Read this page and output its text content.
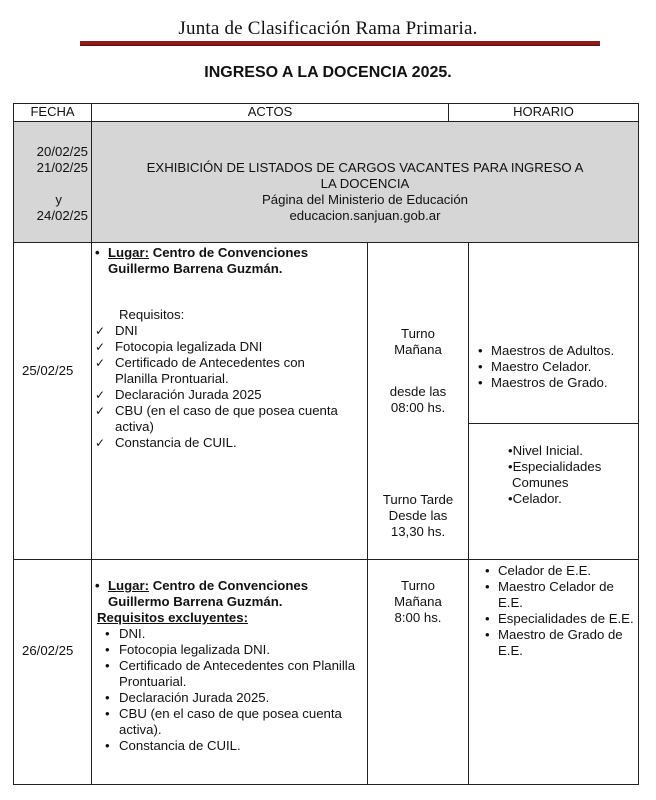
Junta de Clasificación Rama Primaria.
INGRESO A LA DOCENCIA 2025.
FECHA	ACTOS	HORARIO
20/02/25
21/02/25
y
24/02/25
EXHIBICIÓN DE LISTADOS DE CARGOS VACANTES PARA INGRESO A
LA DOCENCIA
Página del Ministerio de Educación
educacion.sanjuan.gob.ar
25/02/25
• Lugar: Centro de Convenciones
Guillermo Barrena Guzmán.
Requisitos:
✓ DNI
✓ Fotocopia legalizada DNI
✓ Certificado de Antecedentes con Planilla Prontuarial.
✓ Declaración Jurada 2025
✓ CBU (en el caso de que posea cuenta activa)
✓ Constancia de CUIL.
Turno
Mañana
desde las
08:00 hs.
• Maestros de Adultos.
• Maestro Celador.
• Maestros de Grado.
Turno Tarde
Desde las
13,30 hs.
•Nivel Inicial.
•Especialidades
Comunes
•Celador.
26/02/25
• Lugar: Centro de Convenciones
Guillermo Barrena Guzmán.
Requisitos excluyentes:
• DNI.
• Fotocopia legalizada DNI.
• Certificado de Antecedentes con Planilla Prontuarial.
• Declaración Jurada 2025.
• CBU (en el caso de que posea cuenta activa).
• Constancia de CUIL.
Turno
Mañana
8:00 hs.
• Celador de E.E.
• Maestro Celador de E.E.
• Especialidades de E.E.
• Maestro de Grado de E.E.
